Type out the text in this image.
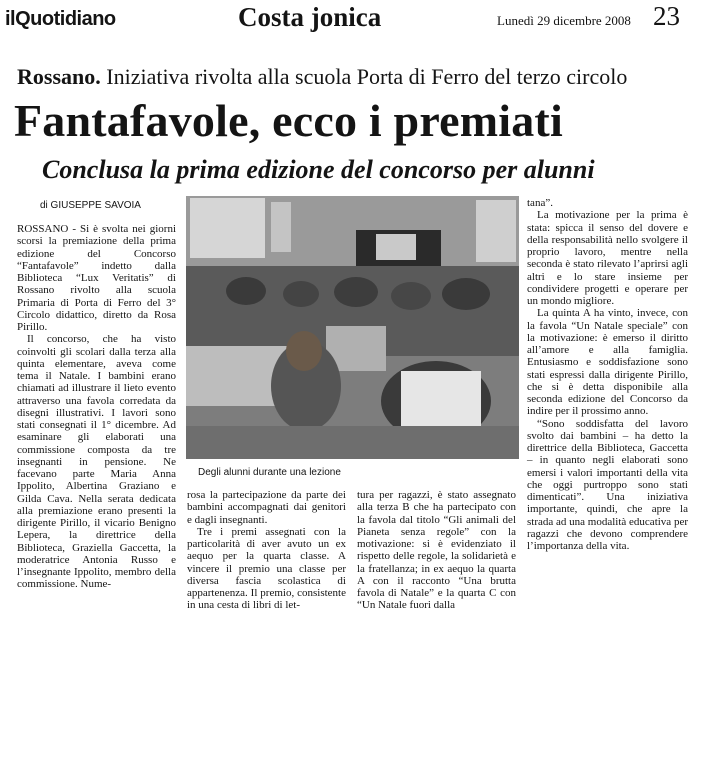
ilQuotidiano	Costa jonica	Lunedì 29 dicembre 2008 23
Rossano. Iniziativa rivolta alla scuola Porta di Ferro del terzo circolo
Fantafavole, ecco i premiati
Conclusa la prima edizione del concorso per alunni
di GIUSEPPE SAVOIA

ROSSANO - Si è svolta nei giorni scorsi la premiazione della prima edizione del Concorso “Fantafavole” indetto dalla Biblioteca “Lux Veritatis” di Rossano rivolto alla scuola Primaria di Porta di Ferro del 3° Circolo didattico, diretto da Rosa Pirillo.

Il concorso, che ha visto coinvolti gli scolari dalla terza alla quinta elementare, aveva come tema il Natale. I bambini erano chiamati ad illustrare il lieto evento attraverso una favola corredata da disegni illustrativi. I lavori sono stati consegnati il 1° dicembre. Ad esaminare gli elaborati una commissione composta da tre insegnanti in pensione. Ne facevano parte Maria Anna Ippolito, Albertina Graziano e Gilda Cava. Nella serata dedicata alla premiazione erano presenti la dirigente Pirillo, il vicario Benigno Lepera, la direttrice della Biblioteca, Graziella Gaccetta, la moderatrice Antonia Russo e l’insegnante Ippolito, membro della commissione. Nume-

Degli alunni durante una lezione

rosa la partecipazione da parte dei bambini accompagnati dai genitori e dagli insegnanti.

Tre i premi assegnati con la particolarità di aver avuto un ex aequo per la quarta classe. A vincere il premio una classe per diversa fascia scolastica di appartenenza. Il premio, consistente in una cesta di libri di let-

tura per ragazzi, è stato assegnato alla terza B che ha partecipato con la favola dal titolo “Gli animali del Pianeta senza regole” con la motivazione: si è evidenziato il rispetto delle regole, la solidarietà e la fratellanza; in ex aequo la quarta A con il racconto “Una brutta favola di Natale” e la quarta C con “Un Natale fuori dalla

tana”.

La motivazione per la prima è stata: spicca il senso del dovere e della responsabilità nello svolgere il proprio lavoro, mentre nella seconda è stato rilevato l’aprirsi agli altri e lo stare insieme per condividere progetti e operare per un mondo migliore.

La quinta A ha vinto, invece, con la favola “Un Natale speciale” con la motivazione: è emerso il diritto all’amore e alla famiglia. Entusiasmo e soddisfazione sono stati espressi dalla dirigente Pirillo, che si è detta disponibile alla seconda edizione del Concorso da indire per il prossimo anno.

“Sono soddisfatta del lavoro svolto dai bambini – ha detto la direttrice della Biblioteca, Gaccetta – in quanto negli elaborati sono emersi i valori importanti della vita che oggi purtroppo sono stati dimenticati”. Una iniziativa importante, quindi, che apre la strada ad una modalità educativa per ragazzi che devono comprendere l’importanza della vita.
